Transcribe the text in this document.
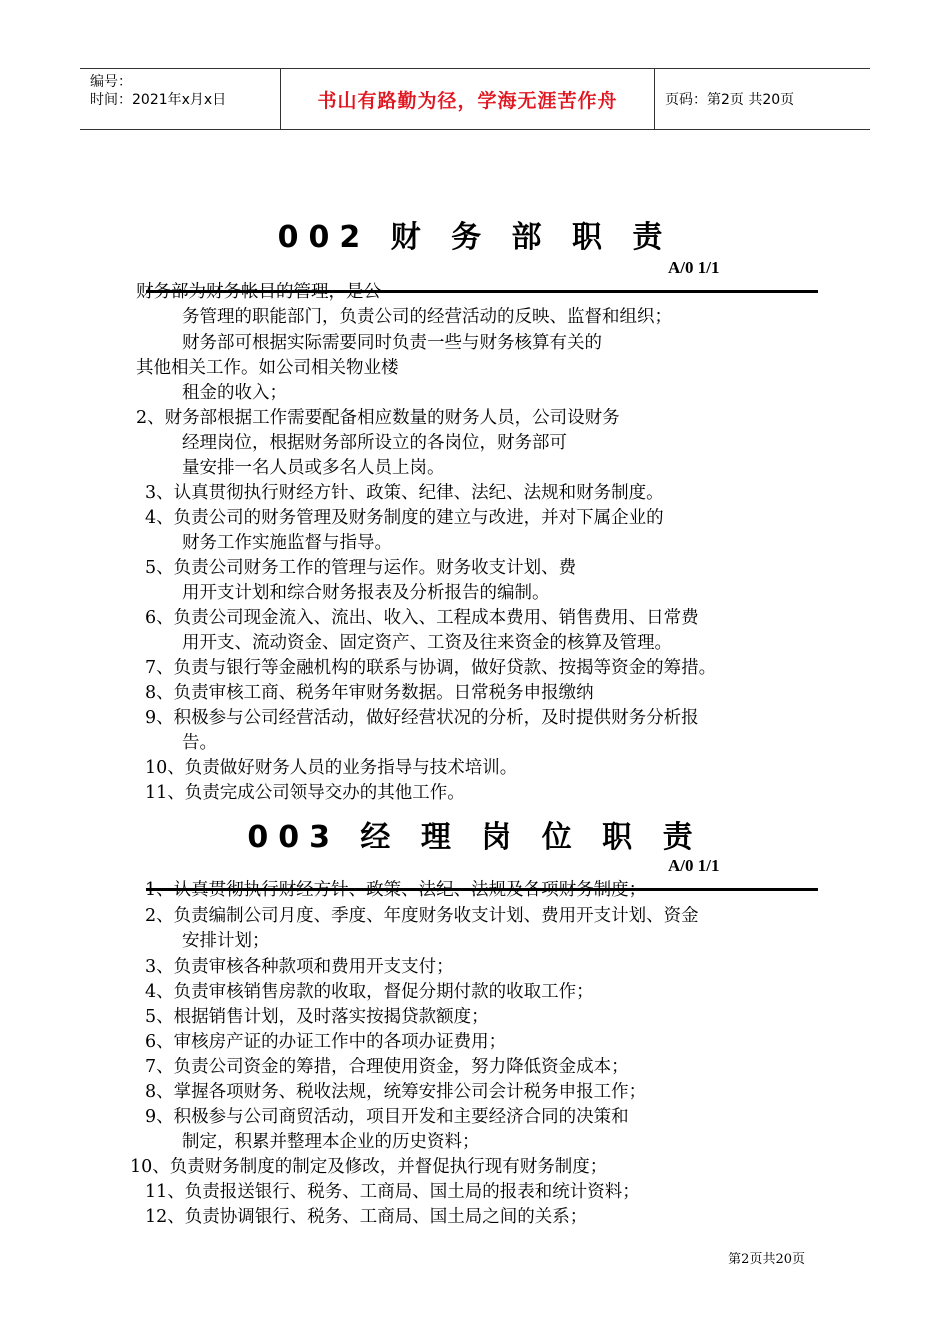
编号：
时间：2021年x月x日	书山有路勤为径，学海无涯苦作舟	页码：第2页 共20页
002 财 务 部 职 责
A/0 1/1
财务部为财务帐目的管理，是公
务管理的职能部门，负责公司的经营活动的反映、监督和组织；
财务部可根据实际需要同时负责一些与财务核算有关的
其他相关工作。如公司相关物业楼
租金的收入；
2、财务部根据工作需要配备相应数量的财务人员，公司设财务
经理岗位，根据财务部所设立的各岗位，财务部可
量安排一名人员或多名人员上岗。
3、认真贯彻执行财经方针、政策、纪律、法纪、法规和财务制度。
4、负责公司的财务管理及财务制度的建立与改进，并对下属企业的
财务工作实施监督与指导。
5、负责公司财务工作的管理与运作。财务收支计划、费
用开支计划和综合财务报表及分析报告的编制。
6、负责公司现金流入、流出、收入、工程成本费用、销售费用、日常费
用开支、流动资金、固定资产、工资及往来资金的核算及管理。
7、负责与银行等金融机构的联系与协调，做好贷款、按揭等资金的筹措。
8、负责审核工商、税务年审财务数据。日常税务申报缴纳
9、积极参与公司经营活动，做好经营状况的分析，及时提供财务分析报
告。
10、负责做好财务人员的业务指导与技术培训。
11、负责完成公司领导交办的其他工作。
003 经 理 岗 位 职 责
A/0 1/1
1、认真贯彻执行财经方针、政策、法纪、法规及各项财务制度；
2、负责编制公司月度、季度、年度财务收支计划、费用开支计划、资金
安排计划；
3、负责审核各种款项和费用开支支付；
4、负责审核销售房款的收取，督促分期付款的收取工作；
5、根据销售计划，及时落实按揭贷款额度；
6、审核房产证的办证工作中的各项办证费用；
7、负责公司资金的筹措，合理使用资金，努力降低资金成本；
8、掌握各项财务、税收法规，统筹安排公司会计税务申报工作；
9、积极参与公司商贸活动，项目开发和主要经济合同的决策和
制定，积累并整理本企业的历史资料；
10、负责财务制度的制定及修改，并督促执行现有财务制度；
11、负责报送银行、税务、工商局、国土局的报表和统计资料；
12、负责协调银行、税务、工商局、国土局之间的关系；
第2页共20页
